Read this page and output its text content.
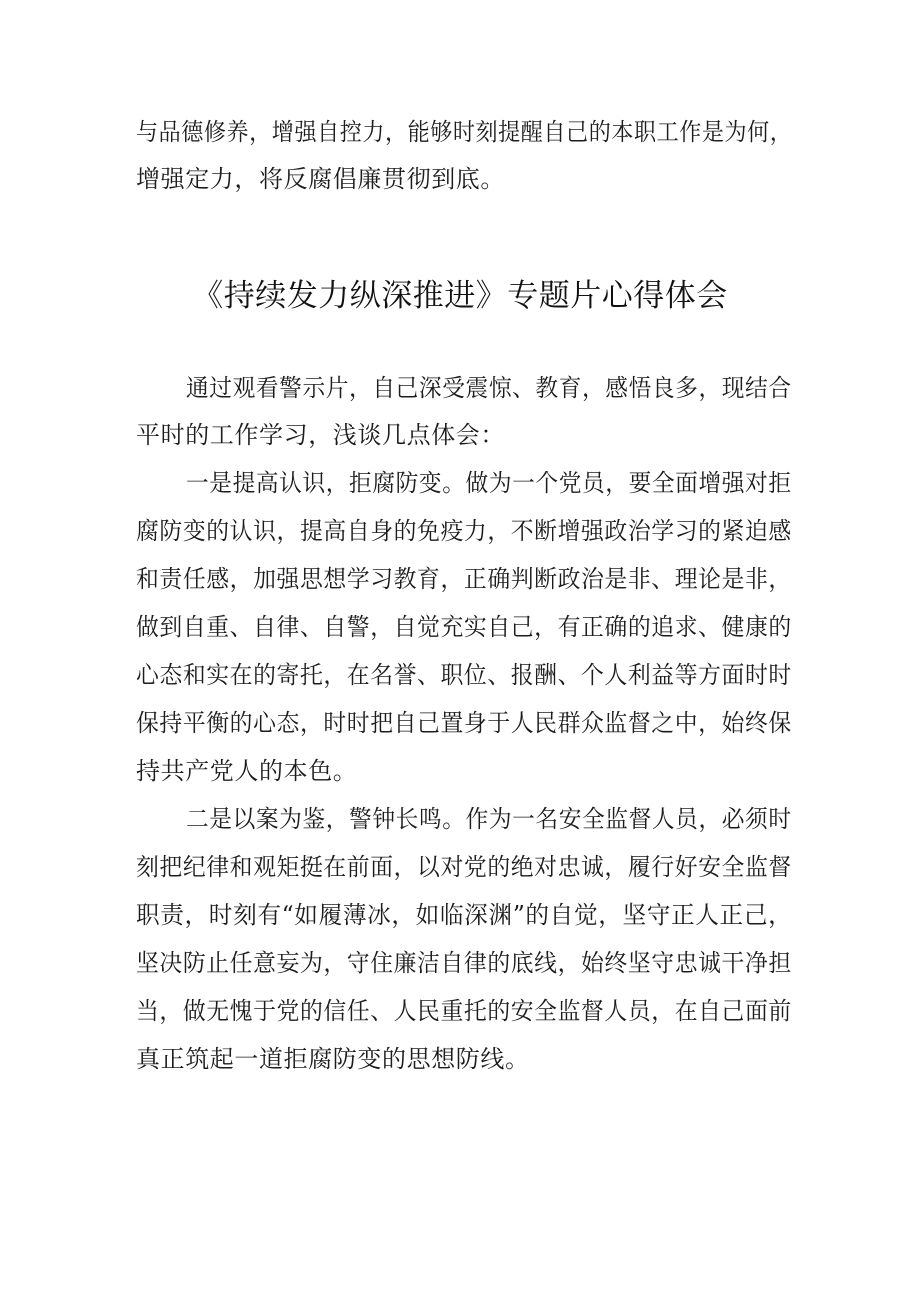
与品德修养，增强自控力，能够时刻提醒自己的本职工作是为何，
增强定力，将反腐倡廉贯彻到底。
《持续发力纵深推进》专题片心得体会
通过观看警示片，自己深受震惊、教育，感悟良多，现结合
平时的工作学习，浅谈几点体会：
一是提高认识，拒腐防变。做为一个党员，要全面增强对拒
腐防变的认识，提高自身的免疫力，不断增强政治学习的紧迫感
和责任感，加强思想学习教育，正确判断政治是非、理论是非，
做到自重、自律、自警，自觉充实自己，有正确的追求、健康的
心态和实在的寄托，在名誉、职位、报酬、个人利益等方面时时
保持平衡的心态，时时把自己置身于人民群众监督之中，始终保
持共产党人的本色。
二是以案为鉴，警钟长鸣。作为一名安全监督人员，必须时
刻把纪律和观矩挺在前面，以对党的绝对忠诚，履行好安全监督
职责，时刻有“如履薄冰，如临深渊”的自觉，坚守正人正己，
坚决防止任意妄为，守住廉洁自律的底线，始终坚守忠诚干净担
当，做无愧于党的信任、人民重托的安全监督人员，在自己面前
真正筑起一道拒腐防变的思想防线。
